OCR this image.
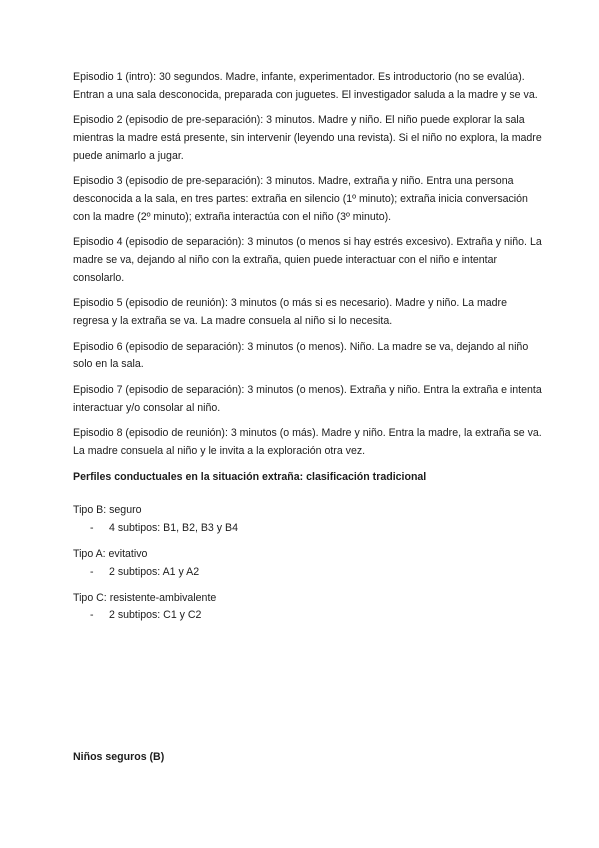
Episodio 1 (intro): 30 segundos. Madre, infante, experimentador. Es introductorio (no se evalúa). Entran a una sala desconocida, preparada con juguetes. El investigador saluda a la madre y se va.

Episodio 2 (episodio de pre-separación): 3 minutos. Madre y niño. El niño puede explorar la sala mientras la madre está presente, sin intervenir (leyendo una revista). Si el niño no explora, la madre puede animarlo a jugar.

Episodio 3 (episodio de pre-separación): 3 minutos. Madre, extraña y niño. Entra una persona desconocida a la sala, en tres partes: extraña en silencio (1º minuto); extraña inicia conversación con la madre (2º minuto); extraña interactúa con el niño (3º minuto).

Episodio 4 (episodio de separación): 3 minutos (o menos si hay estrés excesivo). Extraña y niño. La madre se va, dejando al niño con la extraña, quien puede interactuar con el niño e intentar consolarlo.

Episodio 5 (episodio de reunión): 3 minutos (o más si es necesario). Madre y niño. La madre regresa y la extraña se va. La madre consuela al niño si lo necesita.

Episodio 6 (episodio de separación): 3 minutos (o menos). Niño. La madre se va, dejando al niño solo en la sala.

Episodio 7 (episodio de separación): 3 minutos (o menos). Extraña y niño. Entra la extraña e intenta interactuar y/o consolar al niño.

Episodio 8 (episodio de reunión): 3 minutos (o más). Madre y niño. Entra la madre, la extraña se va. La madre consuela al niño y le invita a la exploración otra vez.

Perfiles conductuales en la situación extraña: clasificación tradicional

Tipo B: seguro

- 4 subtipos: B1, B2, B3 y B4

Tipo A: evitativo

- 2 subtipos: A1 y A2

Tipo C: resistente-ambivalente

- 2 subtipos: C1 y C2

Niños seguros (B)
